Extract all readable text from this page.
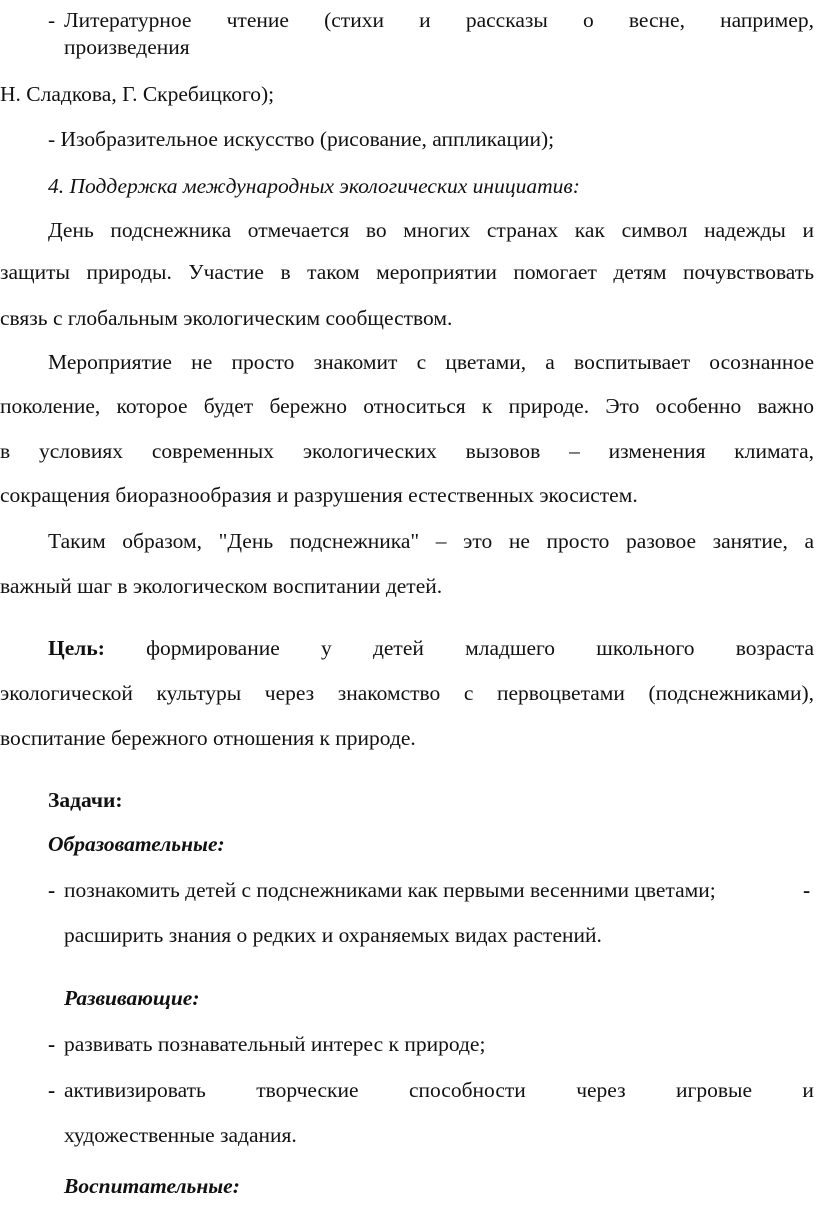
- Литературное чтение (стихи и рассказы о весне, например,
произведения
Н. Сладкова, Г. Скребицкого);
- Изобразительное искусство (рисование, аппликации);
4. Поддержка международных экологических инициатив:
День подснежника отмечается во многих странах как символ надежды и
защиты природы. Участие в таком мероприятии помогает детям почувствовать
связь с глобальным экологическим сообществом.
Мероприятие не просто знакомит с цветами, а воспитывает осознанное
поколение, которое будет бережно относиться к природе. Это особенно важно
в условиях современных экологических вызовов – изменения климата,
сокращения биоразнообразия и разрушения естественных экосистем.
Таким образом, "День подснежника" – это не просто разовое занятие, а
важный шаг в экологическом воспитании детей.
Цель: формирование у детей младшего школьного возраста
экологической культуры через знакомство с первоцветами (подснежниками),
воспитание бережного отношения к природе.
Задачи:
Образовательные:
- познакомить детей с подснежниками как первыми весенними цветами;	-
расширить знания о редких и охраняемых видах растений.
Развивающие:
- развивать познавательный интерес к природе;
- активизировать творческие способности через игровые и
художественные задания.
Воспитательные:
